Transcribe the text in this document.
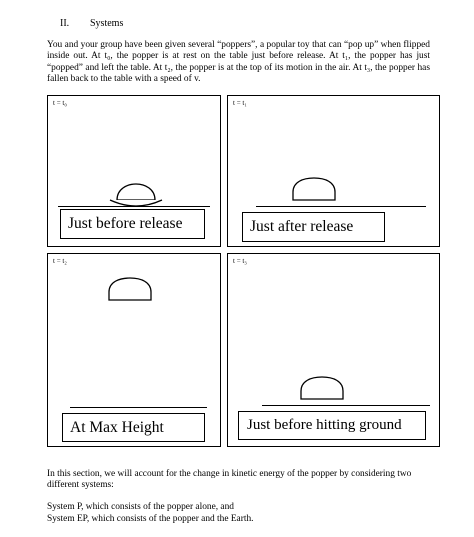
II. Systems
You and your group have been given several “poppers”, a popular toy that can “pop up” when flipped inside out. At t₀, the popper is at rest on the table just before release. At t₁, the popper has just “popped” and left the table. At t₂, the popper is at the top of its motion in the air. At t₃, the popper has fallen back to the table with a speed of v.
t = t₀
Just before release
t = t₁
Just after release
t = t₂
At Max Height
t = t₃
Just before hitting ground
In this section, we will account for the change in kinetic energy of the popper by considering two different systems:
System P, which consists of the popper alone, and
System EP, which consists of the popper and the Earth.
